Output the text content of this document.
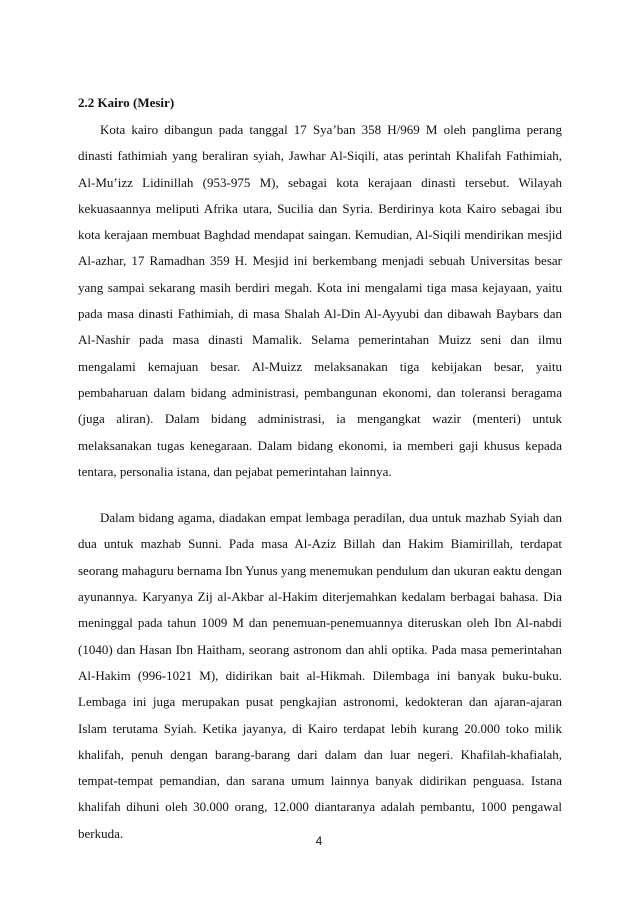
2.2 Kairo (Mesir)

Kota kairo dibangun pada tanggal 17 Sya’ban 358 H/969 M oleh panglima perang dinasti fathimiah yang beraliran syiah, Jawhar Al-Siqili, atas perintah Khalifah Fathimiah, Al-Mu’izz Lidinillah (953-975 M), sebagai kota kerajaan dinasti tersebut. Wilayah kekuasaannya meliputi Afrika utara, Sucilia dan Syria. Berdirinya kota Kairo sebagai ibu kota kerajaan membuat Baghdad mendapat saingan. Kemudian, Al-Siqili mendirikan mesjid Al-azhar, 17 Ramadhan 359 H. Mesjid ini berkembang menjadi sebuah Universitas besar yang sampai sekarang masih berdiri megah. Kota ini mengalami tiga masa kejayaan, yaitu pada masa dinasti Fathimiah, di masa Shalah Al-Din Al-Ayyubi dan dibawah Baybars dan Al-Nashir pada masa dinasti Mamalik. Selama pemerintahan Muizz seni dan ilmu mengalami kemajuan besar. Al-Muizz melaksanakan tiga kebijakan besar, yaitu pembaharuan dalam bidang administrasi, pembangunan ekonomi, dan toleransi beragama (juga aliran). Dalam bidang administrasi, ia mengangkat wazir (menteri) untuk melaksanakan tugas kenegaraan. Dalam bidang ekonomi, ia memberi gaji khusus kepada tentara, personalia istana, dan pejabat pemerintahan lainnya.

Dalam bidang agama, diadakan empat lembaga peradilan, dua untuk mazhab Syiah dan dua untuk mazhab Sunni. Pada masa Al-Aziz Billah dan Hakim Biamirillah, terdapat seorang mahaguru bernama Ibn Yunus yang menemukan pendulum dan ukuran eaktu dengan ayunannya. Karyanya Zij al-Akbar al-Hakim diterjemahkan kedalam berbagai bahasa. Dia meninggal pada tahun 1009 M dan penemuan-penemuannya diteruskan oleh Ibn Al-nabdi (1040) dan Hasan Ibn Haitham, seorang astronom dan ahli optika. Pada masa pemerintahan Al-Hakim (996-1021 M), didirikan bait al-Hikmah. Dilembaga ini banyak buku-buku. Lembaga ini juga merupakan pusat pengkajian astronomi, kedokteran dan ajaran-ajaran Islam terutama Syiah. Ketika jayanya, di Kairo terdapat lebih kurang 20.000 toko milik khalifah, penuh dengan barang-barang dari dalam dan luar negeri. Khafilah-khafialah, tempat-tempat pemandian, dan sarana umum lainnya banyak didirikan penguasa. Istana khalifah dihuni oleh 30.000 orang, 12.000 diantaranya adalah pembantu, 1000 pengawal berkuda.

4
